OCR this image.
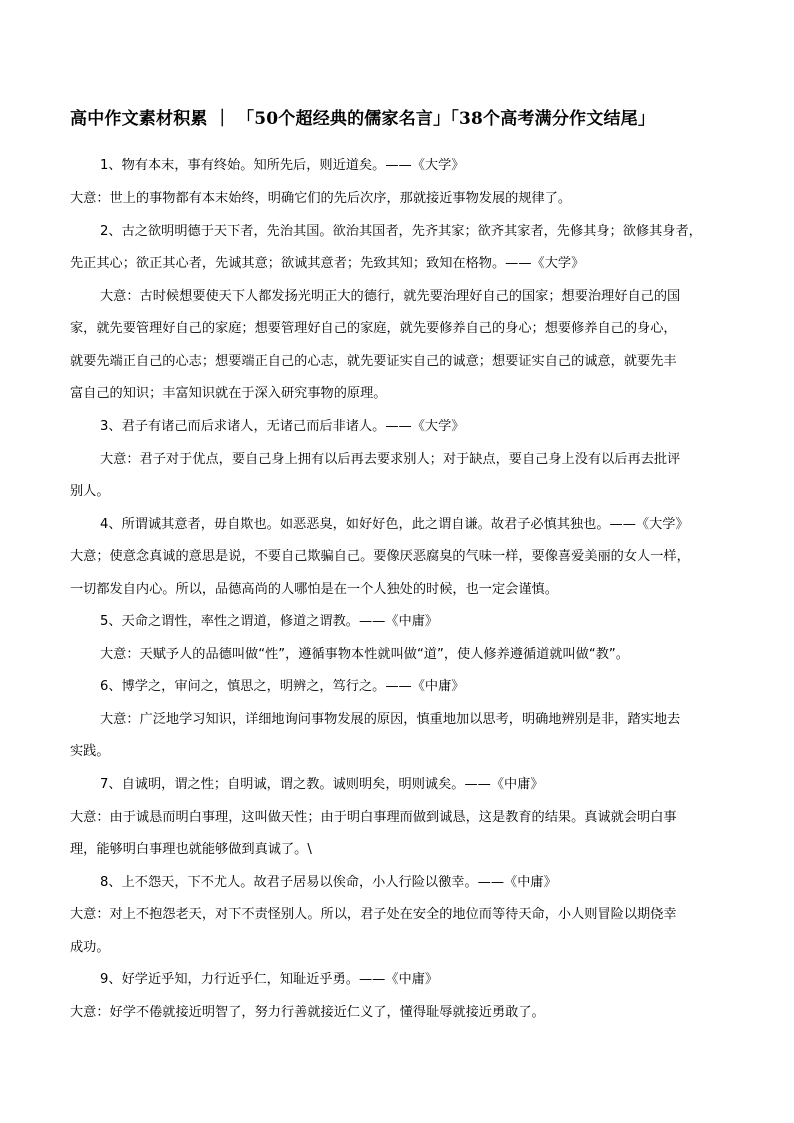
高中作文素材积累 ｜ 「50个超经典的儒家名言」「38个高考满分作文结尾」
1、物有本末，事有终始。知所先后，则近道矣。——《大学》
大意：世上的事物都有本末始终，明确它们的先后次序，那就接近事物发展的规律了。
2、古之欲明明德于天下者，先治其国。欲治其国者，先齐其家；欲齐其家者，先修其身；欲修其身者，
先正其心；欲正其心者，先诚其意；欲诚其意者；先致其知；致知在格物。——《大学》
大意：古时候想要使天下人都发扬光明正大的德行，就先要治理好自己的国家；想要治理好自己的国
家，就先要管理好自己的家庭；想要管理好自己的家庭，就先要修养自己的身心；想要修养自己的身心，
就要先端正自己的心志；想要端正自己的心志，就先要证实自己的诚意；想要证实自己的诚意，就要先丰
富自己的知识；丰富知识就在于深入研究事物的原理。
3、君子有诸己而后求诸人，无诸己而后非诸人。——《大学》
大意：君子对于优点，要自己身上拥有以后再去要求别人；对于缺点，要自己身上没有以后再去批评
别人。
4、所谓诚其意者，毋自欺也。如恶恶臭，如好好色，此之谓自谦。故君子必慎其独也。——《大学》
大意；使意念真诚的意思是说，不要自己欺骗自己。要像厌恶腐臭的气味一样，要像喜爱美丽的女人一样，
一切都发自内心。所以，品德高尚的人哪怕是在一个人独处的时候，也一定会谨慎。
5、天命之谓性，率性之谓道，修道之谓教。——《中庸》
大意：天赋予人的品德叫做“性”，遵循事物本性就叫做“道”，使人修养遵循道就叫做“教”。
6、博学之，审问之，慎思之，明辨之，笃行之。——《中庸》
大意：广泛地学习知识，详细地询问事物发展的原因，慎重地加以思考，明确地辨别是非，踏实地去
实践。
7、自诚明，谓之性；自明诚，谓之教。诚则明矣，明则诚矣。——《中庸》
大意：由于诚恳而明白事理，这叫做天性；由于明白事理而做到诚恳，这是教育的结果。真诚就会明白事
理，能够明白事理也就能够做到真诚了。\
8、上不怨天，下不尤人。故君子居易以俟命，小人行险以徼幸。——《中庸》
大意：对上不抱怨老天，对下不责怪别人。所以，君子处在安全的地位而等待天命，小人则冒险以期侥幸
成功。
9、好学近乎知，力行近乎仁，知耻近乎勇。——《中庸》
大意：好学不倦就接近明智了，努力行善就接近仁义了，懂得耻辱就接近勇敢了。
